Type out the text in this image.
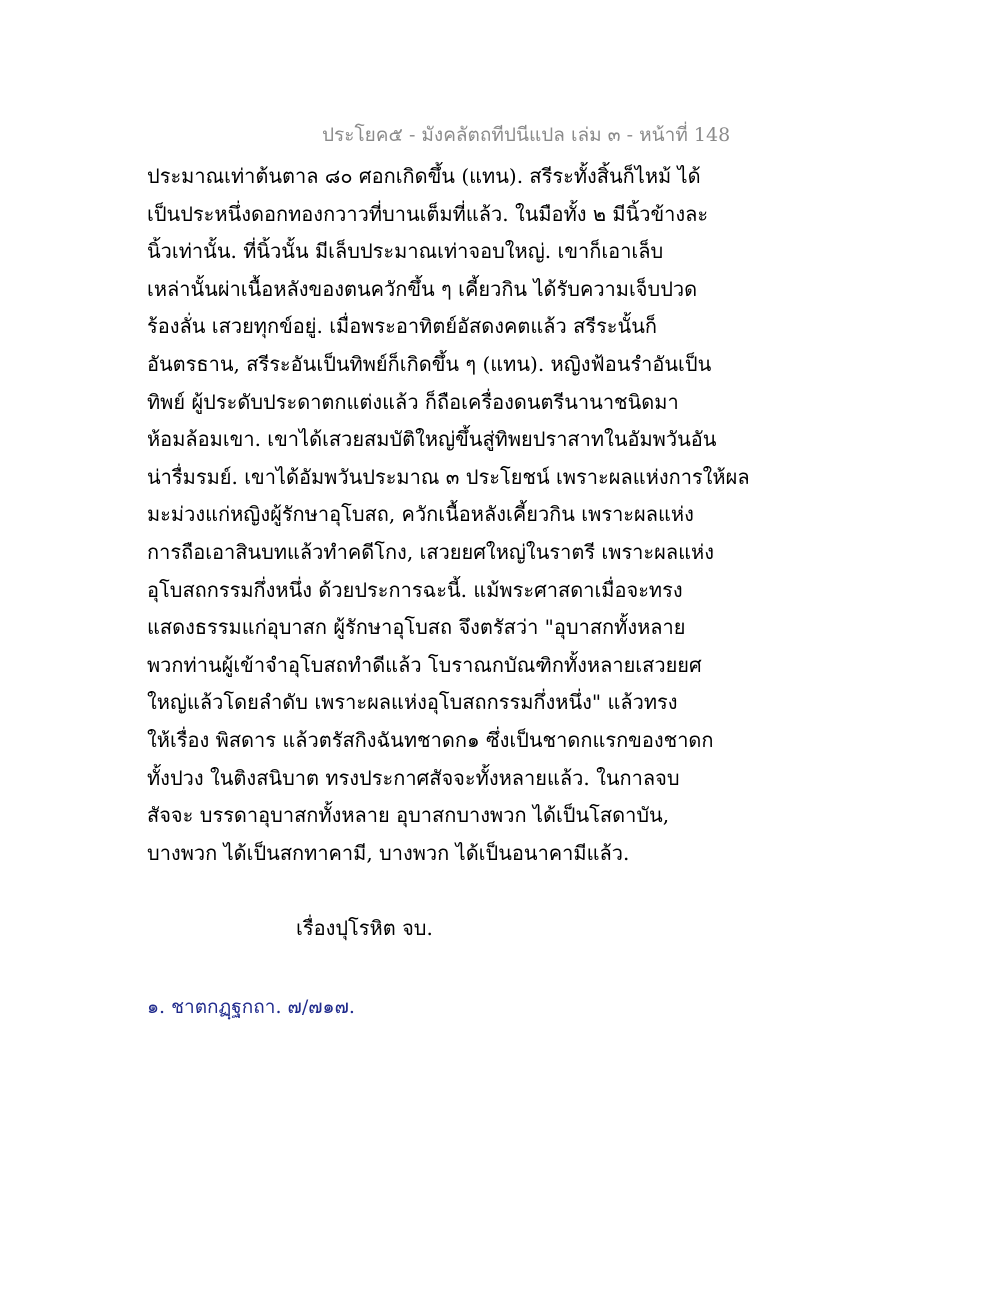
ประโยค๕ - มังคลัตถทีปนีแปล เล่ม ๓ - หน้าที่ 148
ประมาณเท่าต้นตาล ๘๐ ศอกเกิดขึ้น (แทน). สรีระทั้งสิ้นก็ไหม้ ได้
เป็นประหนึ่งดอกทองกวาวที่บานเต็มที่แล้ว. ในมือทั้ง ๒ มีนิ้วข้างละ
นิ้วเท่านั้น. ที่นิ้วนั้น มีเล็บประมาณเท่าจอบใหญ่. เขาก็เอาเล็บ
เหล่านั้นผ่าเนื้อหลังของตนควักขึ้น ๆ เคี้ยวกิน ได้รับความเจ็บปวด
ร้องลั่น เสวยทุกข์อยู่. เมื่อพระอาทิตย์อัสดงคตแล้ว สรีระนั้นก็
อันตรธาน, สรีระอันเป็นทิพย์ก็เกิดขึ้น ๆ (แทน). หญิงฟ้อนรำอันเป็น
ทิพย์ ผู้ประดับประดาตกแต่งแล้ว ก็ถือเครื่องดนตรีนานาชนิดมา
ห้อมล้อมเขา. เขาได้เสวยสมบัติใหญ่ขึ้นสู่ทิพยปราสาทในอัมพวันอัน
น่ารื่มรมย์. เขาได้อัมพวันประมาณ ๓ ประโยชน์ เพราะผลแห่งการให้ผล
มะม่วงแก่หญิงผู้รักษาอุโบสถ, ควักเนื้อหลังเคี้ยวกิน เพราะผลแห่ง
การถือเอาสินบทแล้วทำคดีโกง, เสวยยศใหญ่ในราตรี เพราะผลแห่ง
อุโบสถกรรมกึ่งหนึ่ง ด้วยประการฉะนี้. แม้พระศาสดาเมื่อจะทรง
แสดงธรรมแก่อุบาสก ผู้รักษาอุโบสถ จึงตรัสว่า "อุบาสกทั้งหลาย
พวกท่านผู้เข้าจำอุโบสถทำดีแล้ว โบราณกบัณฑิกทั้งหลายเสวยยศ
ใหญ่แล้วโดยลำดับ เพราะผลแห่งอุโบสถกรรมกึ่งหนึ่ง" แล้วทรง
ให้เรื่อง พิสดาร แล้วตรัสกิงฉันทชาดก๑ ซึ่งเป็นชาดกแรกของชาดก
ทั้งปวง ในติงสนิบาต ทรงประกาศสัจจะทั้งหลายแล้ว. ในกาลจบ
สัจจะ บรรดาอุบาสกทั้งหลาย อุบาสกบางพวก ได้เป็นโสดาบัน,
บางพวก ได้เป็นสกทาคามี, บางพวก ได้เป็นอนาคามีแล้ว.
เรื่องปุโรหิต จบ.
๑. ชาตกฏฺฐกถา. ๗/๗๑๗.
